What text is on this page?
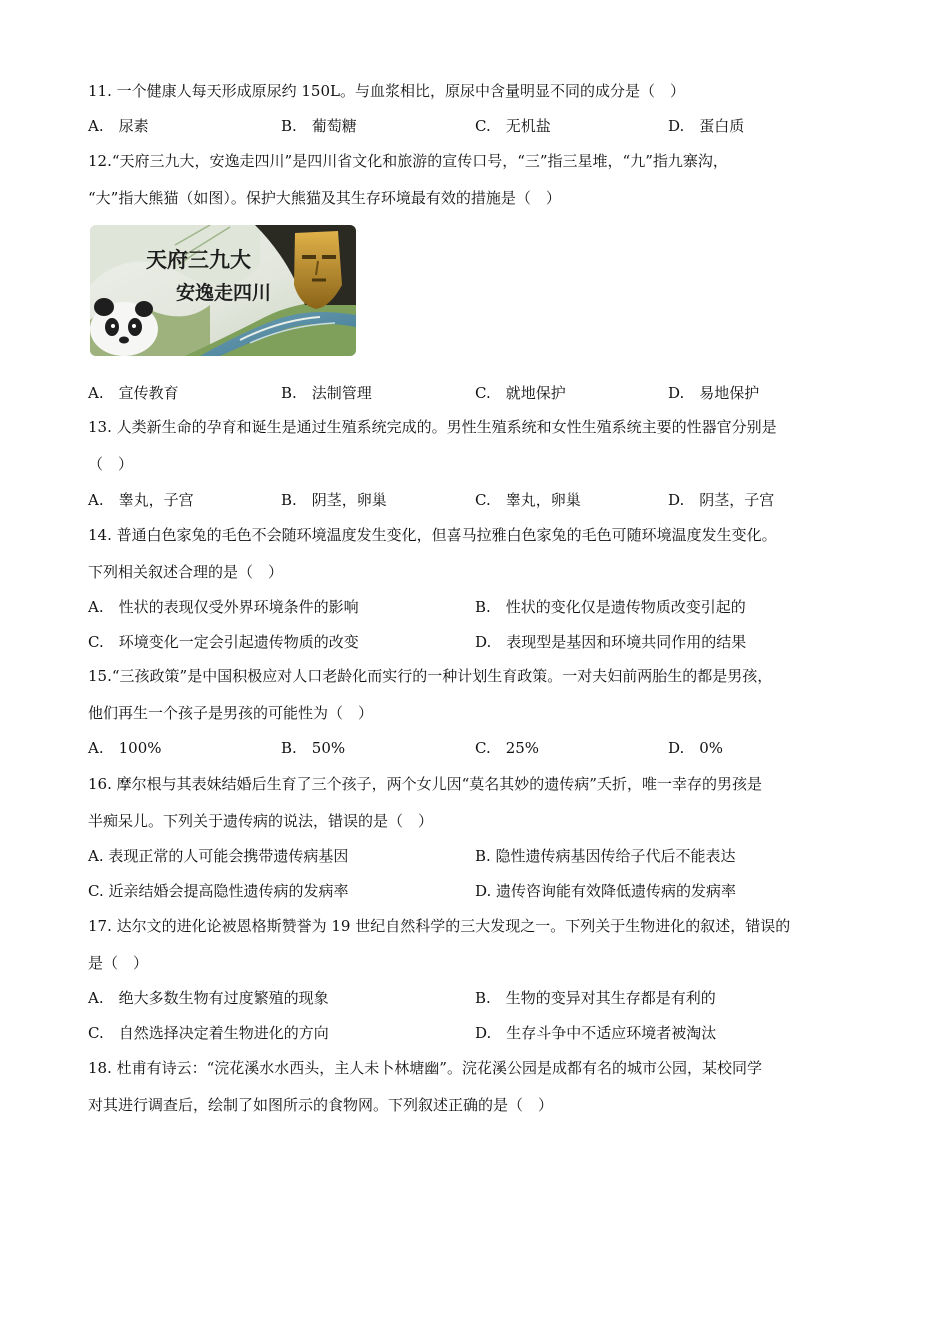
11. 一个健康人每天形成原尿约 150L。与血浆相比，原尿中含量明显不同的成分是（　）
A.　尿素	B.　葡萄糖	C.　无机盐	D.　蛋白质
12.“天府三九大，安逸走四川”是四川省文化和旅游的宣传口号，“三”指三星堆，“九”指九寨沟，
“大”指大熊猫（如图）。保护大熊猫及其生存环境最有效的措施是（　）
天府三九大
安逸走四川
A.　宣传教育	B.　法制管理	C.　就地保护	D.　易地保护
13. 人类新生命的孕育和诞生是通过生殖系统完成的。男性生殖系统和女性生殖系统主要的性器官分别是
（　）
A.　睾丸，子宫	B.　阴茎，卵巢	C.　睾丸，卵巢	D.　阴茎，子宫
14. 普通白色家兔的毛色不会随环境温度发生变化，但喜马拉雅白色家兔的毛色可随环境温度发生变化。
下列相关叙述合理的是（　）
A.　性状的表现仅受外界环境条件的影响	B.　性状的变化仅是遗传物质改变引起的
C.　环境变化一定会引起遗传物质的改变	D.　表现型是基因和环境共同作用的结果
15.“三孩政策”是中国积极应对人口老龄化而实行的一种计划生育政策。一对夫妇前两胎生的都是男孩，
他们再生一个孩子是男孩的可能性为（　）
A.　100%	B.　50%	C.　25%	D.　0%
16. 摩尔根与其表妹结婚后生育了三个孩子，两个女儿因“莫名其妙的遗传病”夭折，唯一幸存的男孩是
半痴呆儿。下列关于遗传病的说法，错误的是（　）
A. 表现正常的人可能会携带遗传病基因	B. 隐性遗传病基因传给子代后不能表达
C. 近亲结婚会提高隐性遗传病的发病率	D. 遗传咨询能有效降低遗传病的发病率
17. 达尔文的进化论被恩格斯赞誉为 19 世纪自然科学的三大发现之一。下列关于生物进化的叙述，错误的
是（　）
A.　绝大多数生物有过度繁殖的现象	B.　生物的变异对其生存都是有利的
C.　自然选择决定着生物进化的方向	D.　生存斗争中不适应环境者被淘汰
18. 杜甫有诗云：“浣花溪水水西头，主人未卜林塘幽”。浣花溪公园是成都有名的城市公园，某校同学
对其进行调查后，绘制了如图所示的食物网。下列叙述正确的是（　）
